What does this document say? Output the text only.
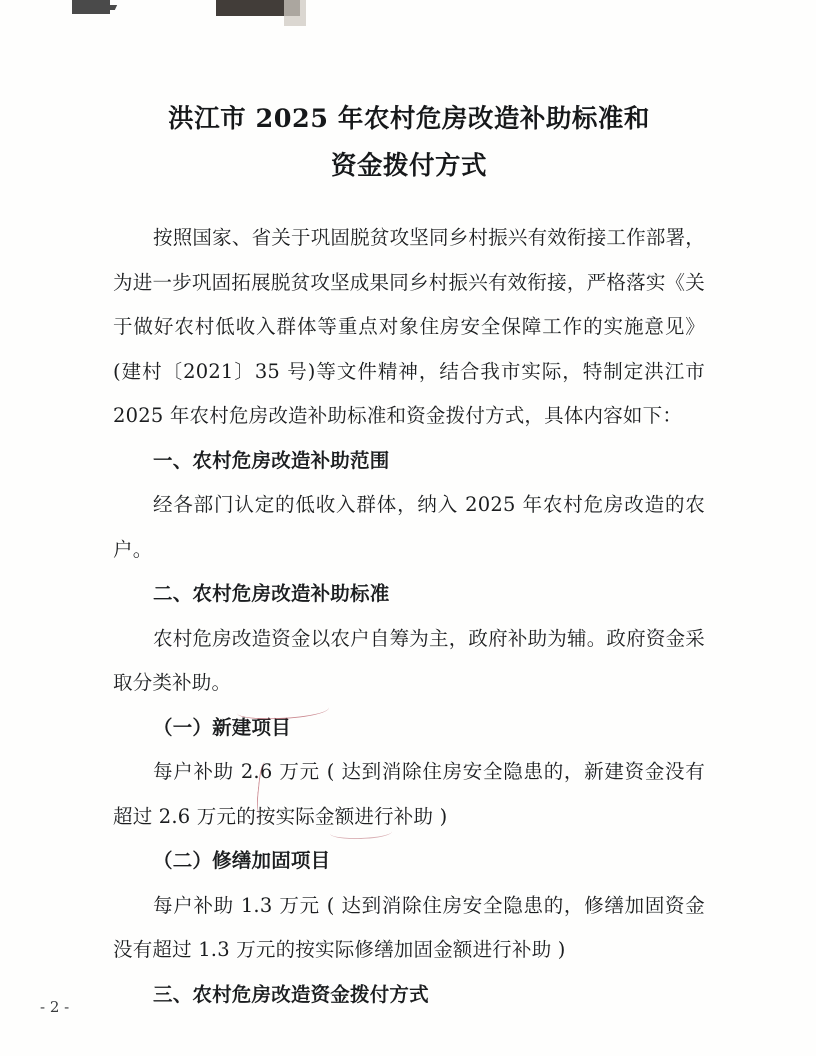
洪江市 2025 年农村危房改造补助标准和
资金拨付方式

按照国家、省关于巩固脱贫攻坚同乡村振兴有效衔接工作部署，为进一步巩固拓展脱贫攻坚成果同乡村振兴有效衔接，严格落实《关于做好农村低收入群体等重点对象住房安全保障工作的实施意见》(建村〔2021〕35 号)等文件精神，结合我市实际，特制定洪江市 2025 年农村危房改造补助标准和资金拨付方式，具体内容如下：

一、农村危房改造补助范围

经各部门认定的低收入群体，纳入 2025 年农村危房改造的农户。

二、农村危房改造补助标准

农村危房改造资金以农户自筹为主，政府补助为辅。政府资金采取分类补助。

（一）新建项目

每户补助 2.6 万元 ( 达到消除住房安全隐患的，新建资金没有超过 2.6 万元的按实际金额进行补助 )

（二）修缮加固项目

每户补助 1.3 万元 ( 达到消除住房安全隐患的，修缮加固资金没有超过 1.3 万元的按实际修缮加固金额进行补助 )

三、农村危房改造资金拨付方式

- 2 -
